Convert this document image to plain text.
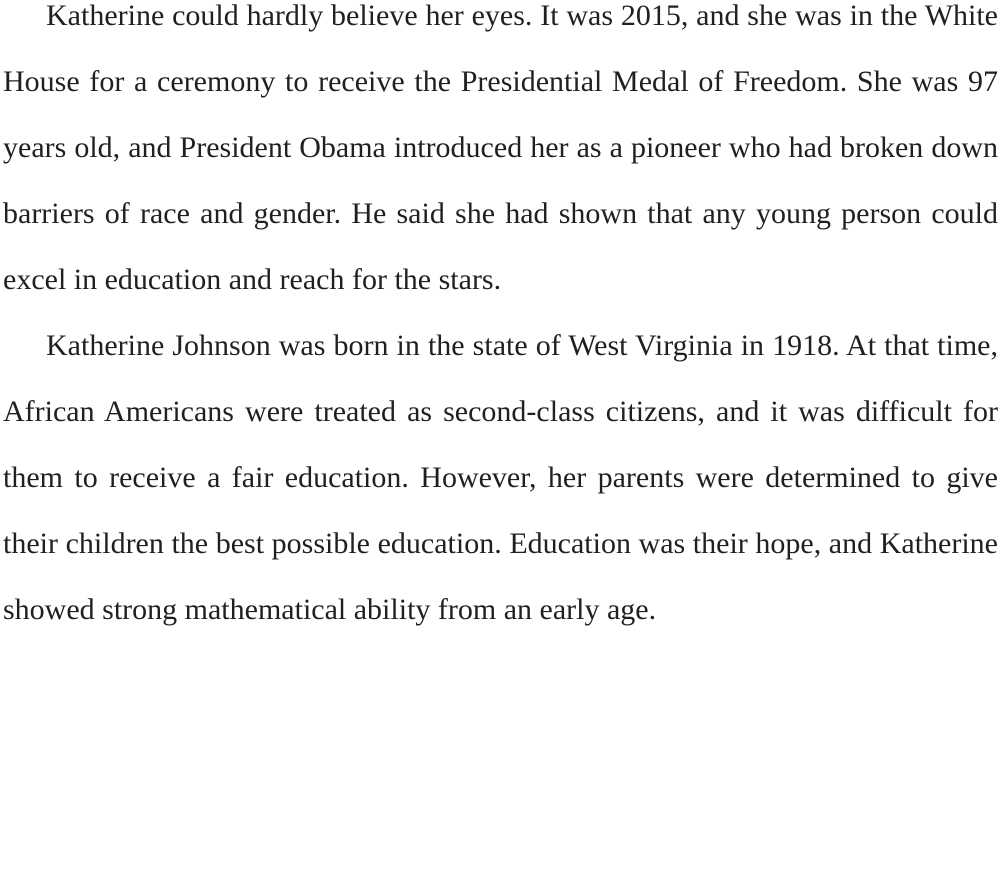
Katherine could hardly believe her eyes. It was 2015, and she was in the White House for a ceremony to receive the Presidential Medal of Freedom. She was 97 years old, and President Obama introduced her as a pioneer who had broken down barriers of race and gender. He said she had shown that any young person could excel in education and reach for the stars.

Katherine Johnson was born in the state of West Virginia in 1918. At that time, African Americans were treated as second-class citizens, and it was difficult for them to receive a fair education. However, her parents were determined to give their children the best possible education. Education was their hope, and Katherine showed strong mathematical ability from an early age.
